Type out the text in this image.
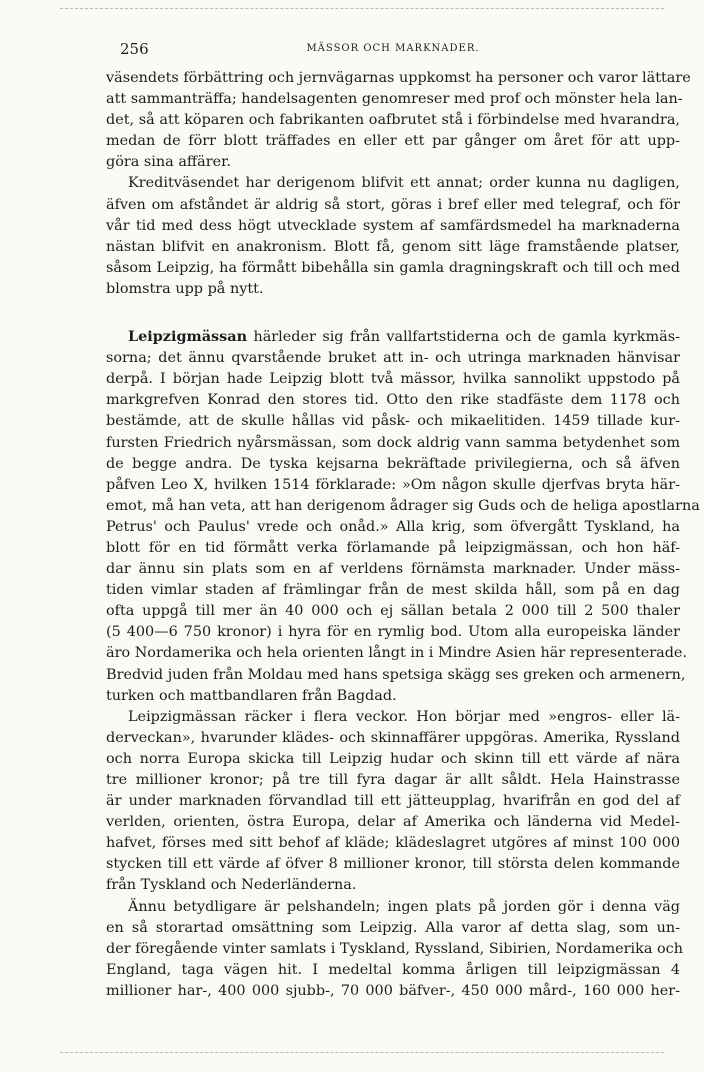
256	MÄSSOR OCH MARKNADER.

väsendets förbättring och jernvägarnas uppkomst ha personer och varor lättare
att sammanträffa; handelsagenten genomreser med prof och mönster hela lan-
det, så att köparen och fabrikanten oafbrutet stå i förbindelse med hvarandra,
medan de förr blott träffades en eller ett par gånger om året för att upp-
göra sina affärer.

Kreditväsendet har derigenom blifvit ett annat; order kunna nu dagligen,
äfven om afståndet är aldrig så stort, göras i bref eller med telegraf, och för
vår tid med dess högt utvecklade system af samfärdsmedel ha marknaderna
nästan blifvit en anakronism. Blott få, genom sitt läge framstående platser,
såsom Leipzig, ha förmått bibehålla sin gamla dragningskraft och till och med
blomstra upp på nytt.

Leipzigmässan härleder sig från vallfartstiderna och de gamla kyrkmäs-
sorna; det ännu qvarstående bruket att in- och utringa marknaden hänvisar
derpå. I början hade Leipzig blott två mässor, hvilka sannolikt uppstodo på
markgrefven Konrad den stores tid. Otto den rike stadfäste dem 1178 och
bestämde, att de skulle hållas vid påsk- och mikaelitiden. 1459 tillade kur-
fursten Friedrich nyårsmässan, som dock aldrig vann samma betydenhet som
de begge andra. De tyska kejsarna bekräftade privilegierna, och så äfven
påfven Leo X, hvilken 1514 förklarade: »Om någon skulle djerfvas bryta här-
emot, må han veta, att han derigenom ådrager sig Guds och de heliga apostlarna
Petrus' och Paulus' vrede och onåd.» Alla krig, som öfvergått Tyskland, ha
blott för en tid förmått verka förlamande på leipzigmässan, och hon häf-
dar ännu sin plats som en af verldens förnämsta marknader. Under mäss-
tiden vimlar staden af främlingar från de mest skilda håll, som på en dag
ofta uppgå till mer än 40 000 och ej sällan betala 2 000 till 2 500 thaler
(5 400—6 750 kronor) i hyra för en rymlig bod. Utom alla europeiska länder
äro Nordamerika och hela orienten långt in i Mindre Asien här representerade.
Bredvid juden från Moldau med hans spetsiga skägg ses greken och armenern,
turken och mattbandlaren från Bagdad.

Leipzigmässan räcker i flera veckor. Hon börjar med »engros- eller lä-
derveckan», hvarunder klädes- och skinnaffärer uppgöras. Amerika, Ryssland
och norra Europa skicka till Leipzig hudar och skinn till ett värde af nära
tre millioner kronor; på tre till fyra dagar är allt såldt. Hela Hainstrasse
är under marknaden förvandlad till ett jätteupplag, hvarifrån en god del af
verlden, orienten, östra Europa, delar af Amerika och länderna vid Medel-
hafvet, förses med sitt behof af kläde; klädeslagret utgöres af minst 100 000
stycken till ett värde af öfver 8 millioner kronor, till största delen kommande
från Tyskland och Nederländerna.

Ännu betydligare är pelshandeln; ingen plats på jorden gör i denna väg
en så storartad omsättning som Leipzig. Alla varor af detta slag, som un-
der föregående vinter samlats i Tyskland, Ryssland, Sibirien, Nordamerika och
England, taga vägen hit. I medeltal komma årligen till leipzigmässan 4
millioner har-, 400 000 sjubb-, 70 000 bäfver-, 450 000 mård-, 160 000 her-
